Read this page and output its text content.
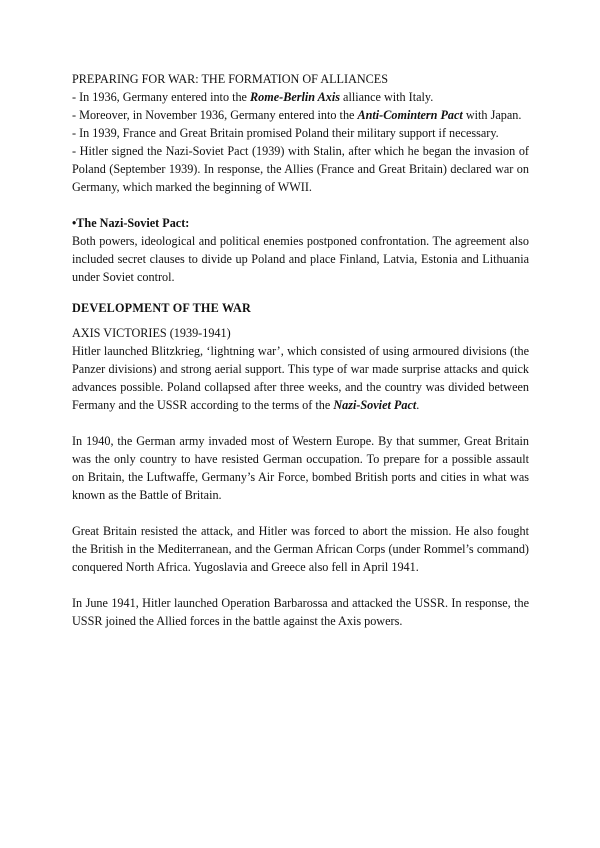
PREPARING FOR WAR: THE FORMATION OF ALLIANCES

- In 1936, Germany entered into the Rome-Berlin Axis alliance with Italy.

- Moreover, in November 1936, Germany entered into the Anti-Comintern Pact with Japan.

- In 1939, France and Great Britain promised Poland their military support if necessary.

- Hitler signed the Nazi-Soviet Pact (1939) with Stalin, after which he began the invasion of Poland (September 1939). In response, the Allies (France and Great Britain) declared war on Germany, which marked the beginning of WWII.

•The Nazi-Soviet Pact:

Both powers, ideological and political enemies postponed confrontation. The agreement also included secret clauses to divide up Poland and place Finland, Latvia, Estonia and Lithuania under Soviet control.

DEVELOPMENT OF THE WAR

AXIS VICTORIES (1939-1941)

Hitler launched Blitzkrieg, ‘lightning war’, which consisted of using armoured divisions (the Panzer divisions) and strong aerial support. This type of war made surprise attacks and quick advances possible. Poland collapsed after three weeks, and the country was divided between Fermany and the USSR according to the terms of the Nazi-Soviet Pact.

In 1940, the German army invaded most of Western Europe. By that summer, Great Britain was the only country to have resisted German occupation. To prepare for a possible assault on Britain, the Luftwaffe, Germany’s Air Force, bombed British ports and cities in what was known as the Battle of Britain.

Great Britain resisted the attack, and Hitler was forced to abort the mission. He also fought the British in the Mediterranean, and the German African Corps (under Rommel’s command) conquered North Africa. Yugoslavia and Greece also fell in April 1941.

In June 1941, Hitler launched Operation Barbarossa and attacked the USSR. In response, the USSR joined the Allied forces in the battle against the Axis powers.
